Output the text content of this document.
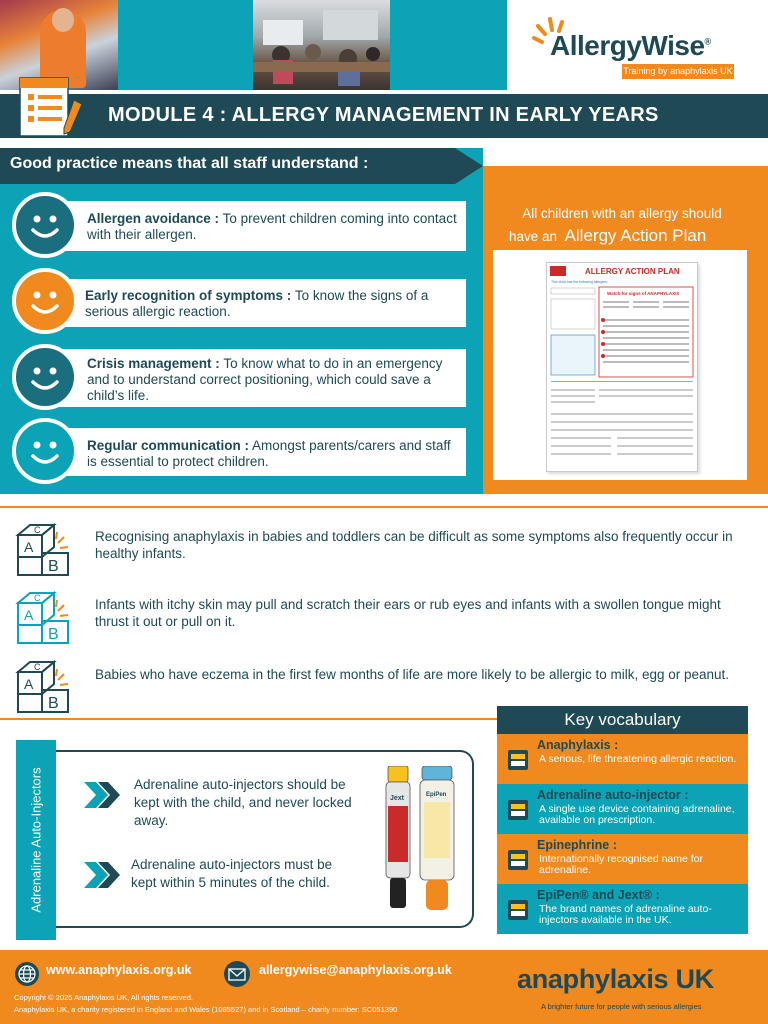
AllergyWise®
Training by anaphylaxis UK
MODULE 4 : ALLERGY MANAGEMENT IN EARLY YEARS
Good practice means that all staff understand :
Allergen avoidance : To prevent children coming into contact with their allergen.
Early recognition of symptoms : To know the signs of a serious allergic reaction.
Crisis management : To know what to do in an emergency and to understand correct positioning, which could save a child’s life.
Regular communication : Amongst parents/carers and staff is essential to protect children.
All children with an allergy should
have an Allergy Action Plan
ALLERGY ACTION PLAN
This child has the following allergies:
Watch for signs of ANAPHYLAXIS
A
C
B
Recognising anaphylaxis in babies and toddlers can be difficult as some symptoms also frequently occur in healthy infants.
A
C
B
Infants with itchy skin may pull and scratch their ears or rub eyes and infants with a swollen tongue might thrust it out or pull on it.
A
C
B
Babies who have eczema in the first few months of life are more likely to be allergic to milk, egg or peanut.
Adrenaline Auto-Injectors	Adrenaline auto-injectors should be kept with the child, and never locked away.
Adrenaline auto-injectors must be kept within 5 minutes of the child.
Jext	EpiPen
Key vocabulary
Anaphylaxis :
A serious, life threatening allergic reaction.
Adrenaline auto-injector :
A single use device containing adrenaline, available on prescription.
Epinephrine :
Internationally recognised name for adrenaline.
EpiPen® and Jext® :
The brand names of adrenaline auto-injectors available in the UK.
www.anaphylaxis.org.uk	allergywise@anaphylaxis.org.uk
Copyright © 2025 Anaphylaxis UK, All rights reserved.
Anaphylaxis UK, a charity registered in England and Wales (1085527) and in Scotland – charity number: SC051390
anaphylaxis UK
A brighter future for people with serious allergies
